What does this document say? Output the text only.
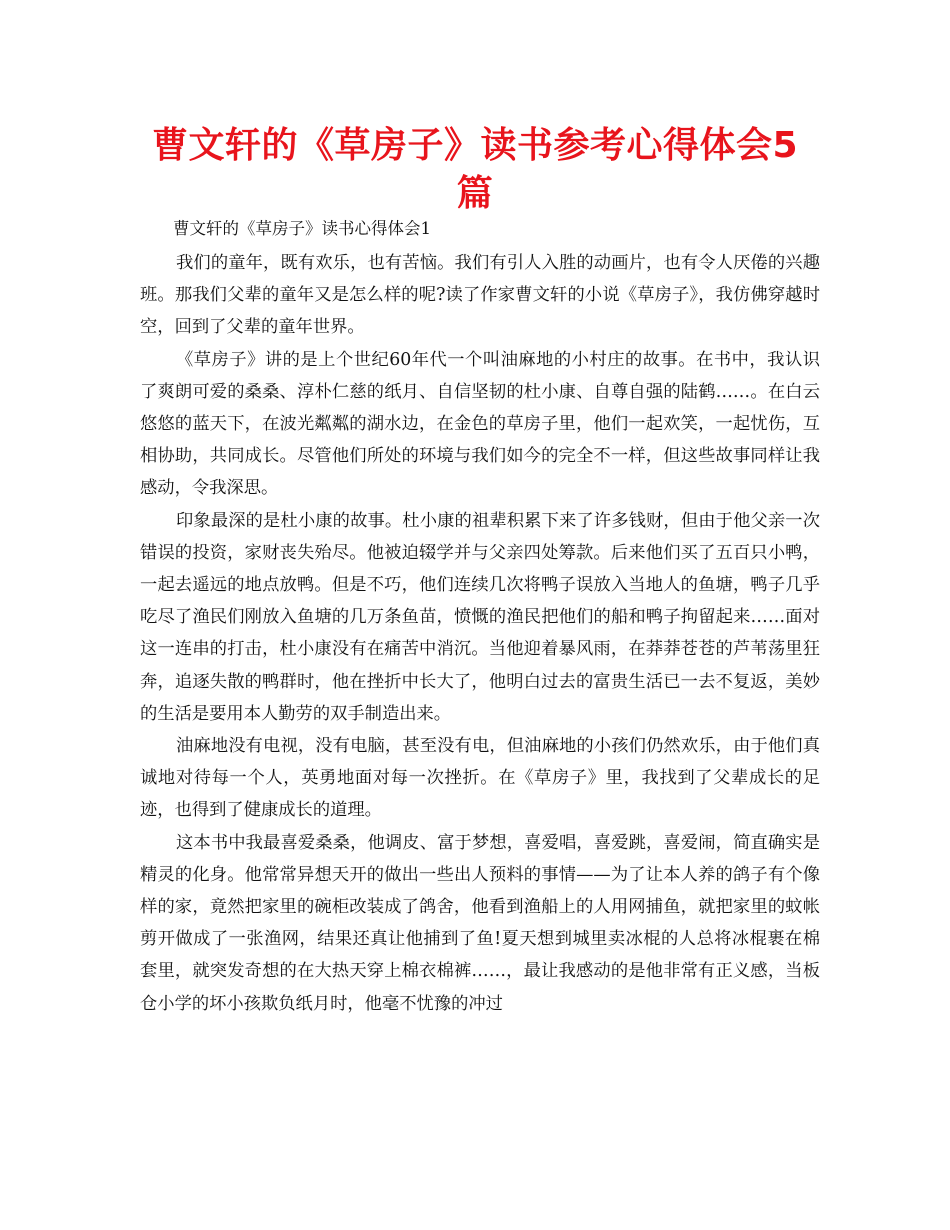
曹文轩的《草房子》读书参考心得体会5篇

曹文轩的《草房子》读书心得体会1

我们的童年，既有欢乐，也有苦恼。我们有引人入胜的动画片，也有令人厌倦的兴趣班。那我们父辈的童年又是怎么样的呢?读了作家曹文轩的小说《草房子》，我仿佛穿越时空，回到了父辈的童年世界。

《草房子》讲的是上个世纪60年代一个叫油麻地的小村庄的故事。在书中，我认识了爽朗可爱的桑桑、淳朴仁慈的纸月、自信坚韧的杜小康、自尊自强的陆鹤……。在白云悠悠的蓝天下，在波光粼粼的湖水边，在金色的草房子里，他们一起欢笑，一起忧伤，互相协助，共同成长。尽管他们所处的环境与我们如今的完全不一样，但这些故事同样让我感动，令我深思。

印象最深的是杜小康的故事。杜小康的祖辈积累下来了许多钱财，但由于他父亲一次错误的投资，家财丧失殆尽。他被迫辍学并与父亲四处筹款。后来他们买了五百只小鸭，一起去遥远的地点放鸭。但是不巧，他们连续几次将鸭子误放入当地人的鱼塘，鸭子几乎吃尽了渔民们刚放入鱼塘的几万条鱼苗，愤慨的渔民把他们的船和鸭子拘留起来……面对这一连串的打击，杜小康没有在痛苦中消沉。当他迎着暴风雨，在莽莽苍苍的芦苇荡里狂奔，追逐失散的鸭群时，他在挫折中长大了，他明白过去的富贵生活已一去不复返，美妙的生活是要用本人勤劳的双手制造出来。

油麻地没有电视，没有电脑，甚至没有电，但油麻地的小孩们仍然欢乐，由于他们真诚地对待每一个人，英勇地面对每一次挫折。在《草房子》里，我找到了父辈成长的足迹，也得到了健康成长的道理。

这本书中我最喜爱桑桑，他调皮、富于梦想，喜爱唱，喜爱跳，喜爱闹，简直确实是精灵的化身。他常常异想天开的做出一些出人预料的事情——为了让本人养的鸽子有个像样的家，竟然把家里的碗柜改装成了鸽舍，他看到渔船上的人用网捕鱼，就把家里的蚊帐剪开做成了一张渔网，结果还真让他捕到了鱼!夏天想到城里卖冰棍的人总将冰棍裹在棉套里，就突发奇想的在大热天穿上棉衣棉裤……，最让我感动的是他非常有正义感，当板仓小学的坏小孩欺负纸月时，他毫不忧豫的冲过
